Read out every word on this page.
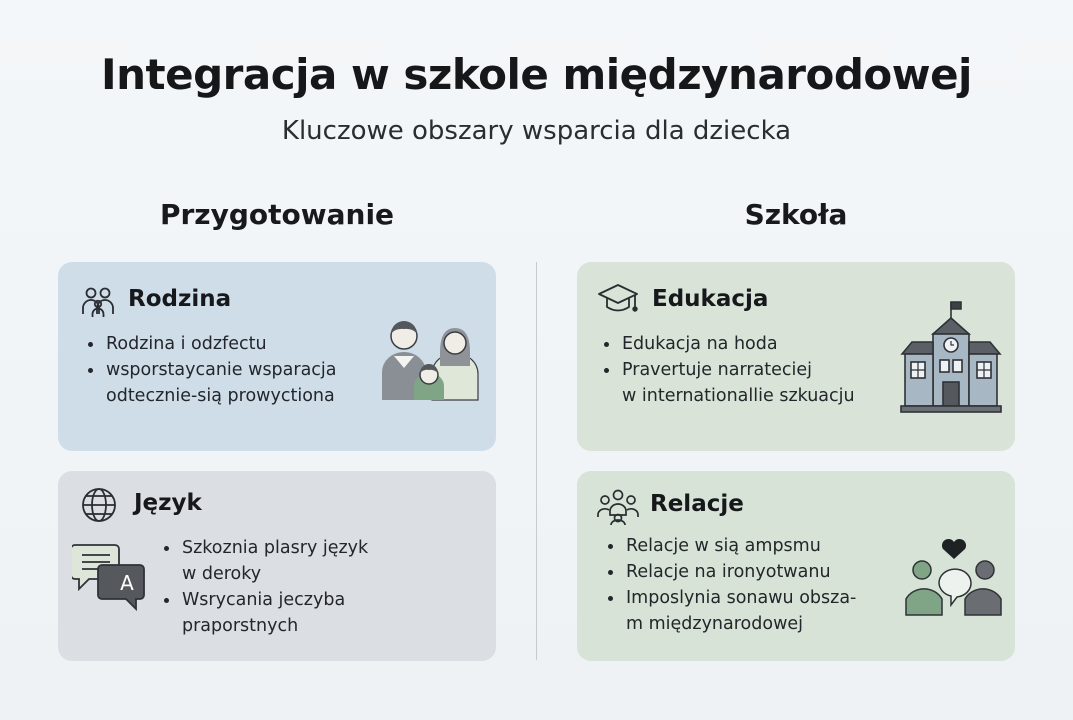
Integracja w szkole międzynarodowej
Kluczowe obszary wsparcia dla dziecka
Przygotowanie	Szkoła
Rodzina
Rodzina i odzfectu
wsporstaycanie wsparacja
odtecznie-sią prowyctiona
Język
A
Szkoznia plasry język
w deroky
Wsrycania jeczyba
praporstnych
Edukacja
Edukacja na hoda
Pravertuje narrateciej
w internationallie szkuacju
Relacje
Relacje w sią ampsmu
Relacje na ironyotwanu
Imposlynia sonawu obsza-
m międzynarodowej
